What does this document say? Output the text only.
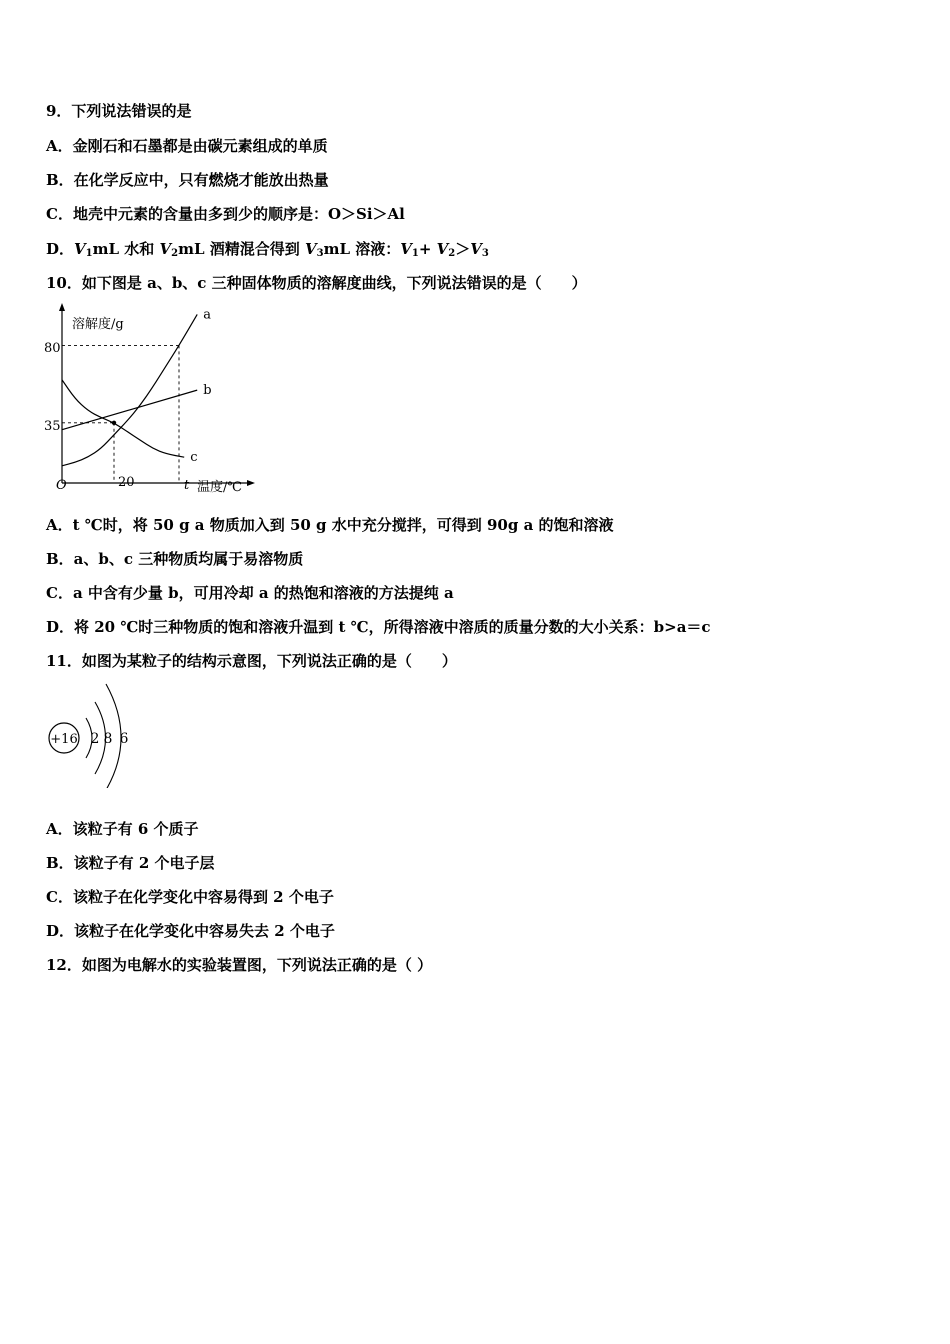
9．下列说法错误的是
A．金刚石和石墨都是由碳元素组成的单质
B．在化学反应中，只有燃烧才能放出热量
C．地壳中元素的含量由多到少的顺序是：O＞Si＞Al
D．$V_1mL$ 水和 $V_2mL$ 酒精混合得到 $V_3mL$ 溶液：$V_1+ V_2>V_3$
10．如下图是 a、b、c 三种固体物质的溶解度曲线，下列说法错误的是（　　）
溶解度/g
O	温度/℃
20	t
80
35
a
b
c
A．t ℃时，将 50 g a 物质加入到 50 g 水中充分搅拌，可得到 90g a 的饱和溶液
B．a、b、c 三种物质均属于易溶物质
C．a 中含有少量 b，可用冷却 a 的热饱和溶液的方法提纯 a
D．将 20 ℃时三种物质的饱和溶液升温到 t ℃，所得溶液中溶质的质量分数的大小关系：b>a＝c
11．如图为某粒子的结构示意图，下列说法正确的是（　　）
+16 2 8 6
A．该粒子有 6 个质子
B．该粒子有 2 个电子层
C．该粒子在化学变化中容易得到 2 个电子
D．该粒子在化学变化中容易失去 2 个电子
12．如图为电解水的实验装置图，下列说法正确的是（ ）
